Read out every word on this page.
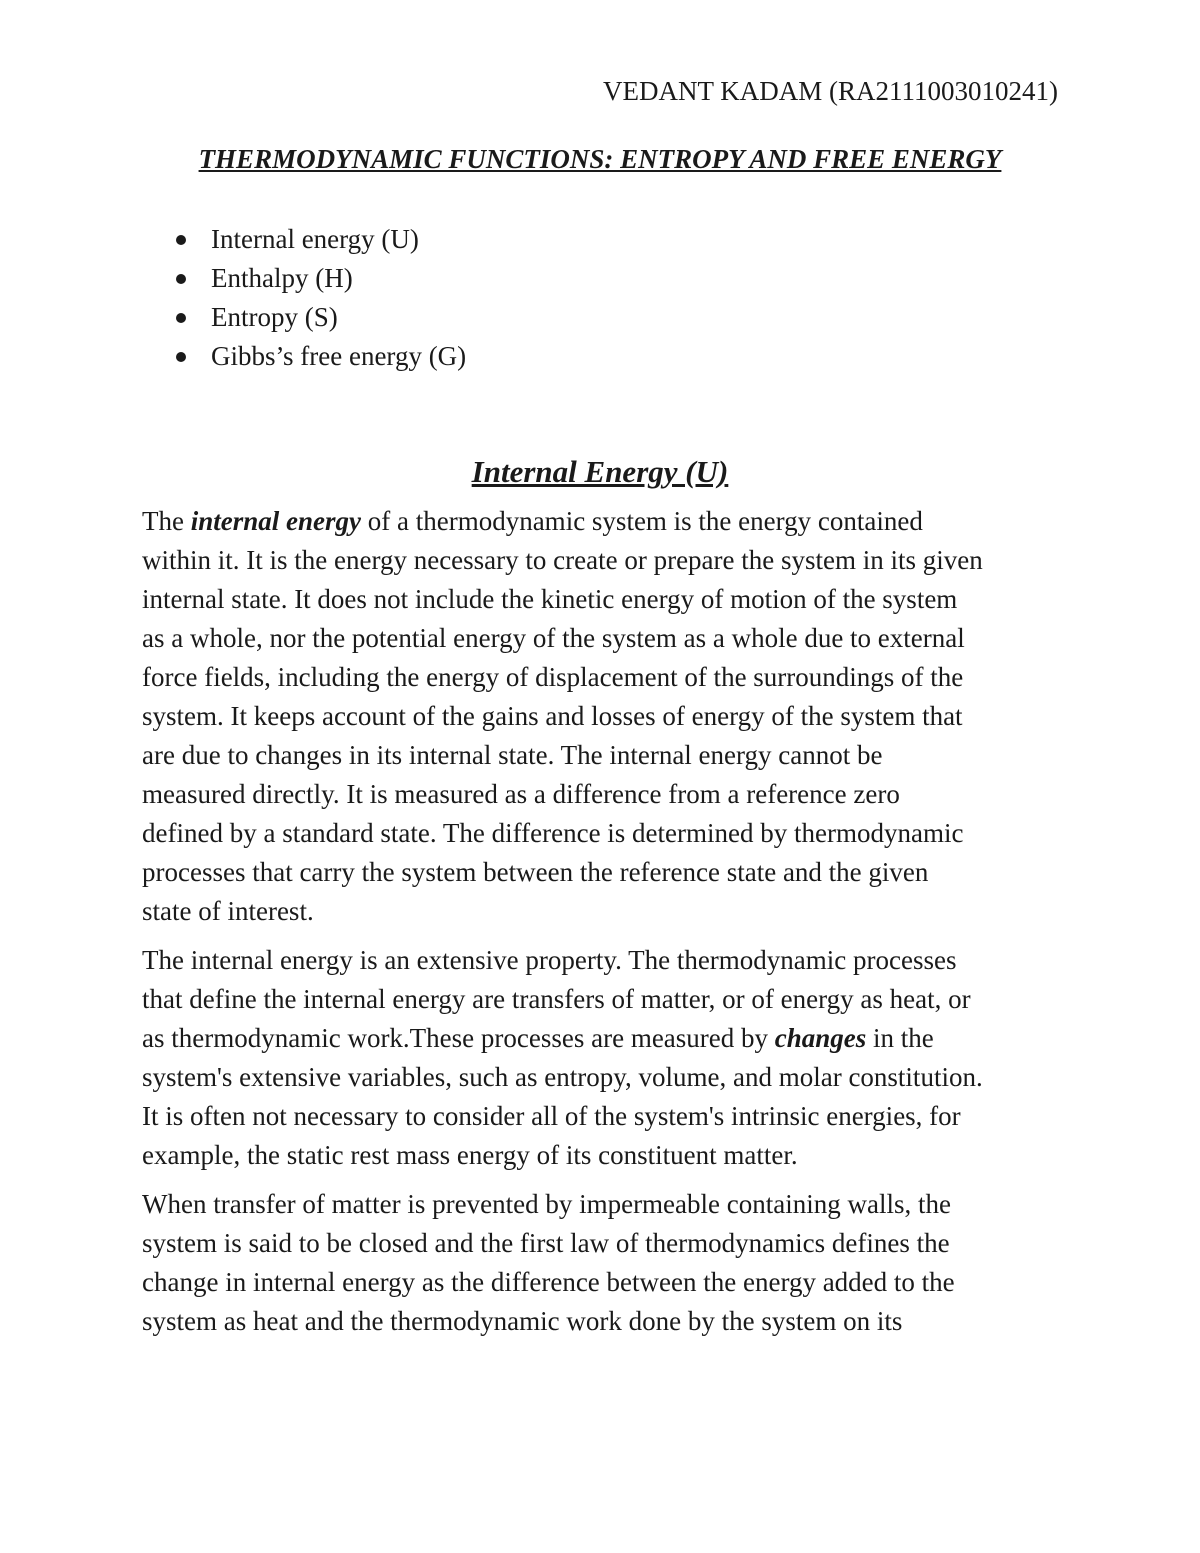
VEDANT KADAM (RA2111003010241)
THERMODYNAMIC FUNCTIONS: ENTROPY AND FREE ENERGY
Internal energy (U)
Enthalpy (H)
Entropy (S)
Gibbs’s free energy (G)
Internal Energy (U)
The internal energy of a thermodynamic system is the energy contained
within it. It is the energy necessary to create or prepare the system in its given
internal state. It does not include the kinetic energy of motion of the system
as a whole, nor the potential energy of the system as a whole due to external
force fields, including the energy of displacement of the surroundings of the
system. It keeps account of the gains and losses of energy of the system that
are due to changes in its internal state. The internal energy cannot be
measured directly. It is measured as a difference from a reference zero
defined by a standard state. The difference is determined by thermodynamic
processes that carry the system between the reference state and the given
state of interest.
The internal energy is an extensive property. The thermodynamic processes
that define the internal energy are transfers of matter, or of energy as heat, or
as thermodynamic work.These processes are measured by changes in the
system's extensive variables, such as entropy, volume, and molar constitution.
It is often not necessary to consider all of the system's intrinsic energies, for
example, the static rest mass energy of its constituent matter.
When transfer of matter is prevented by impermeable containing walls, the
system is said to be closed and the first law of thermodynamics defines the
change in internal energy as the difference between the energy added to the
system as heat and the thermodynamic work done by the system on its
